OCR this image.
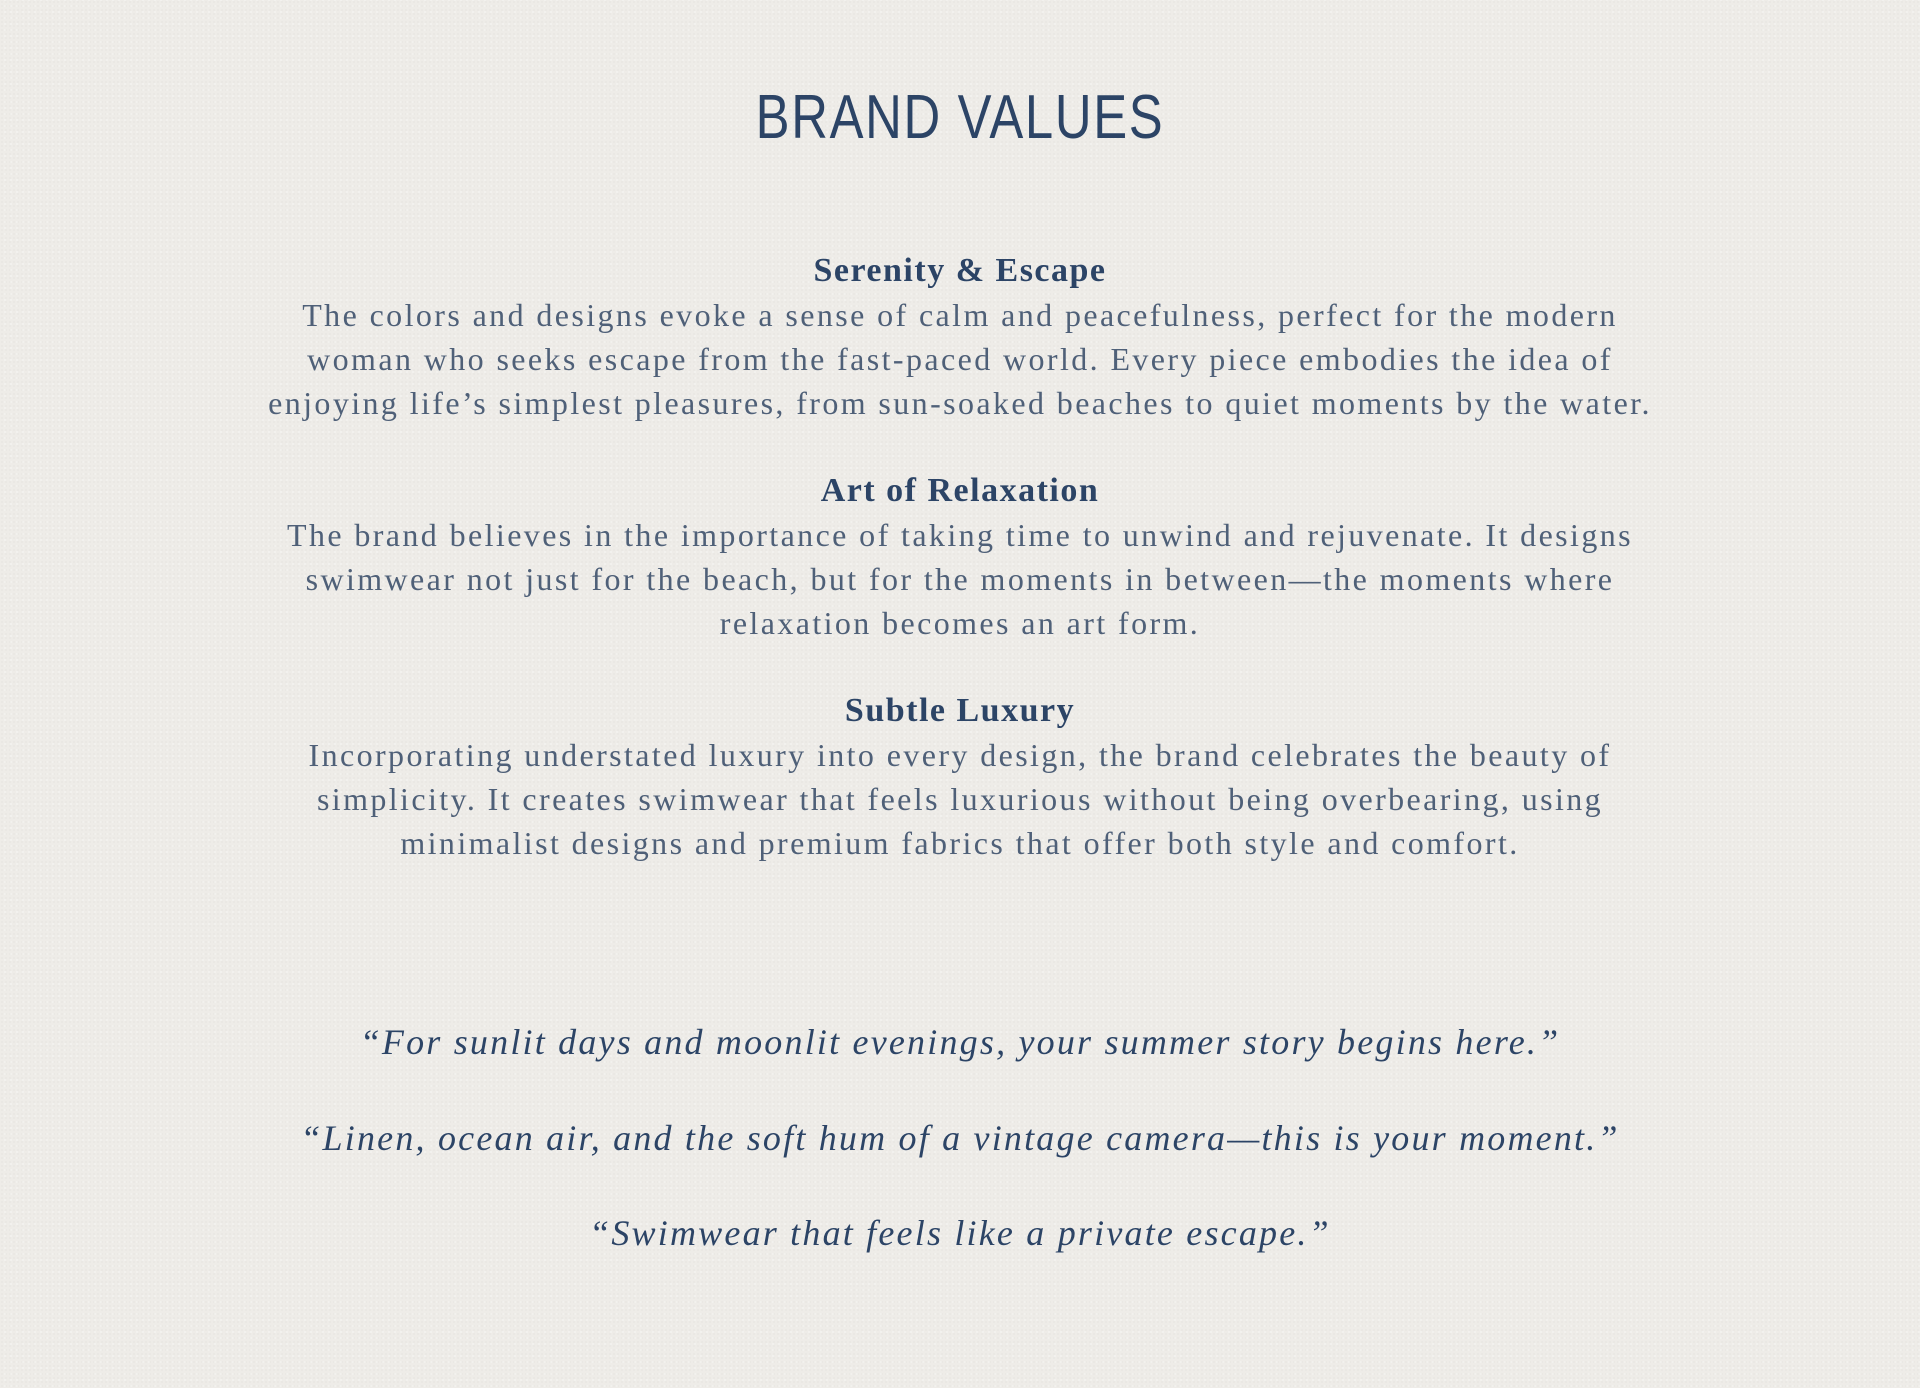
BRAND VALUES
Serenity & Escape

The colors and designs evoke a sense of calm and peacefulness, perfect for the modern

woman who seeks escape from the fast-paced world. Every piece embodies the idea of

enjoying life’s simplest pleasures, from sun-soaked beaches to quiet moments by the water.

Art of Relaxation

The brand believes in the importance of taking time to unwind and rejuvenate. It designs

swimwear not just for the beach, but for the moments in between—the moments where

relaxation becomes an art form.

Subtle Luxury

Incorporating understated luxury into every design, the brand celebrates the beauty of

simplicity. It creates swimwear that feels luxurious without being overbearing, using

minimalist designs and premium fabrics that offer both style and comfort.

“For sunlit days and moonlit evenings, your summer story begins here.”

“Linen, ocean air, and the soft hum of a vintage camera—this is your moment.”

“Swimwear that feels like a private escape.”
